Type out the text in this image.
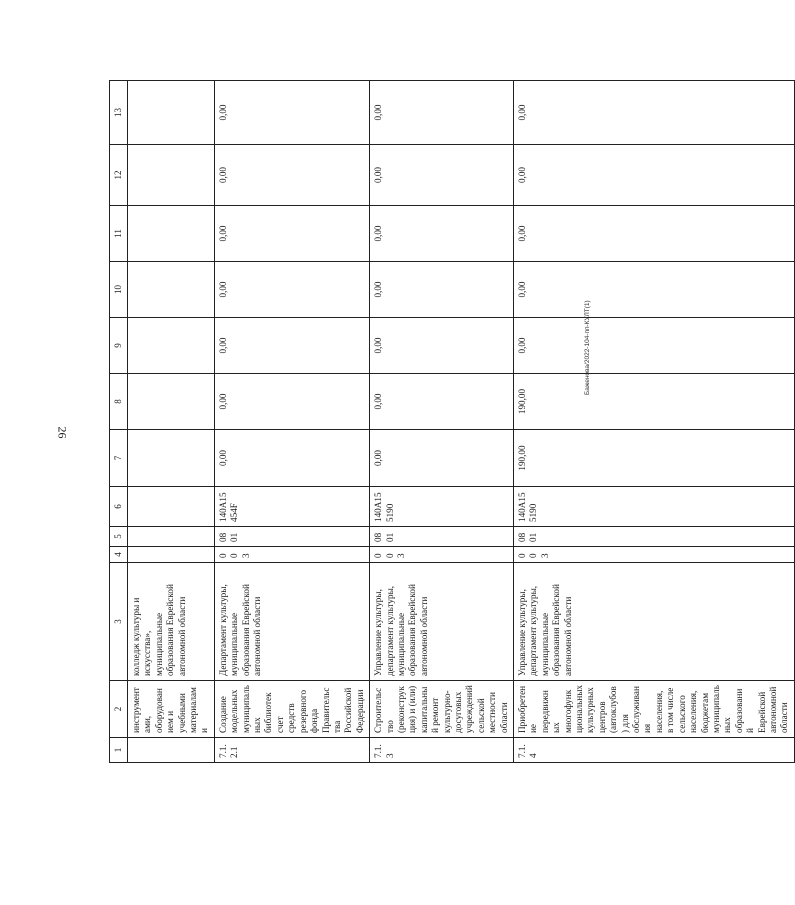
26
1	2	3	4	5	6	7	8	9	10	11	12	13
	инструментами, оборудованием и учебными материалами	колледж культуры и искусства», муниципальные образования Еврейской автономной области										
7.1.2.1	Создание модельных муниципальных библиотек счет средств резервного фонда Правительства Российской Федерации	Департамент культуры, муниципальные образования Еврейской автономной области	003	0801	140A15454F	0,00	0,00	0,00	0,00	0,00	0,00	0,00
7.1.3	Строительство (реконструкция) и (или) капитальный ремонт культурно-досуговых учреждений сельской местности области	Управление культуры, департамент культуры, муниципальные образования Еврейской автономной области	003	0801	140A155190	0,00	0,00	0,00	0,00	0,00	0,00	0,00
7.1.4	Приобретение передвижных многофункциональных культурных центров (автоклубов) для обслуживания населения, в том числе сельского населения, бюджетам муниципальных образований Еврейской автономной области	Управление культуры, департамент культуры, муниципальные образования Еврейской автономной области	003	0801	140A155190	190,00	190,00	0,00	0,00	0,00	0,00	0,00
Баженова/2022-104-пп-КУЛТ(1)
